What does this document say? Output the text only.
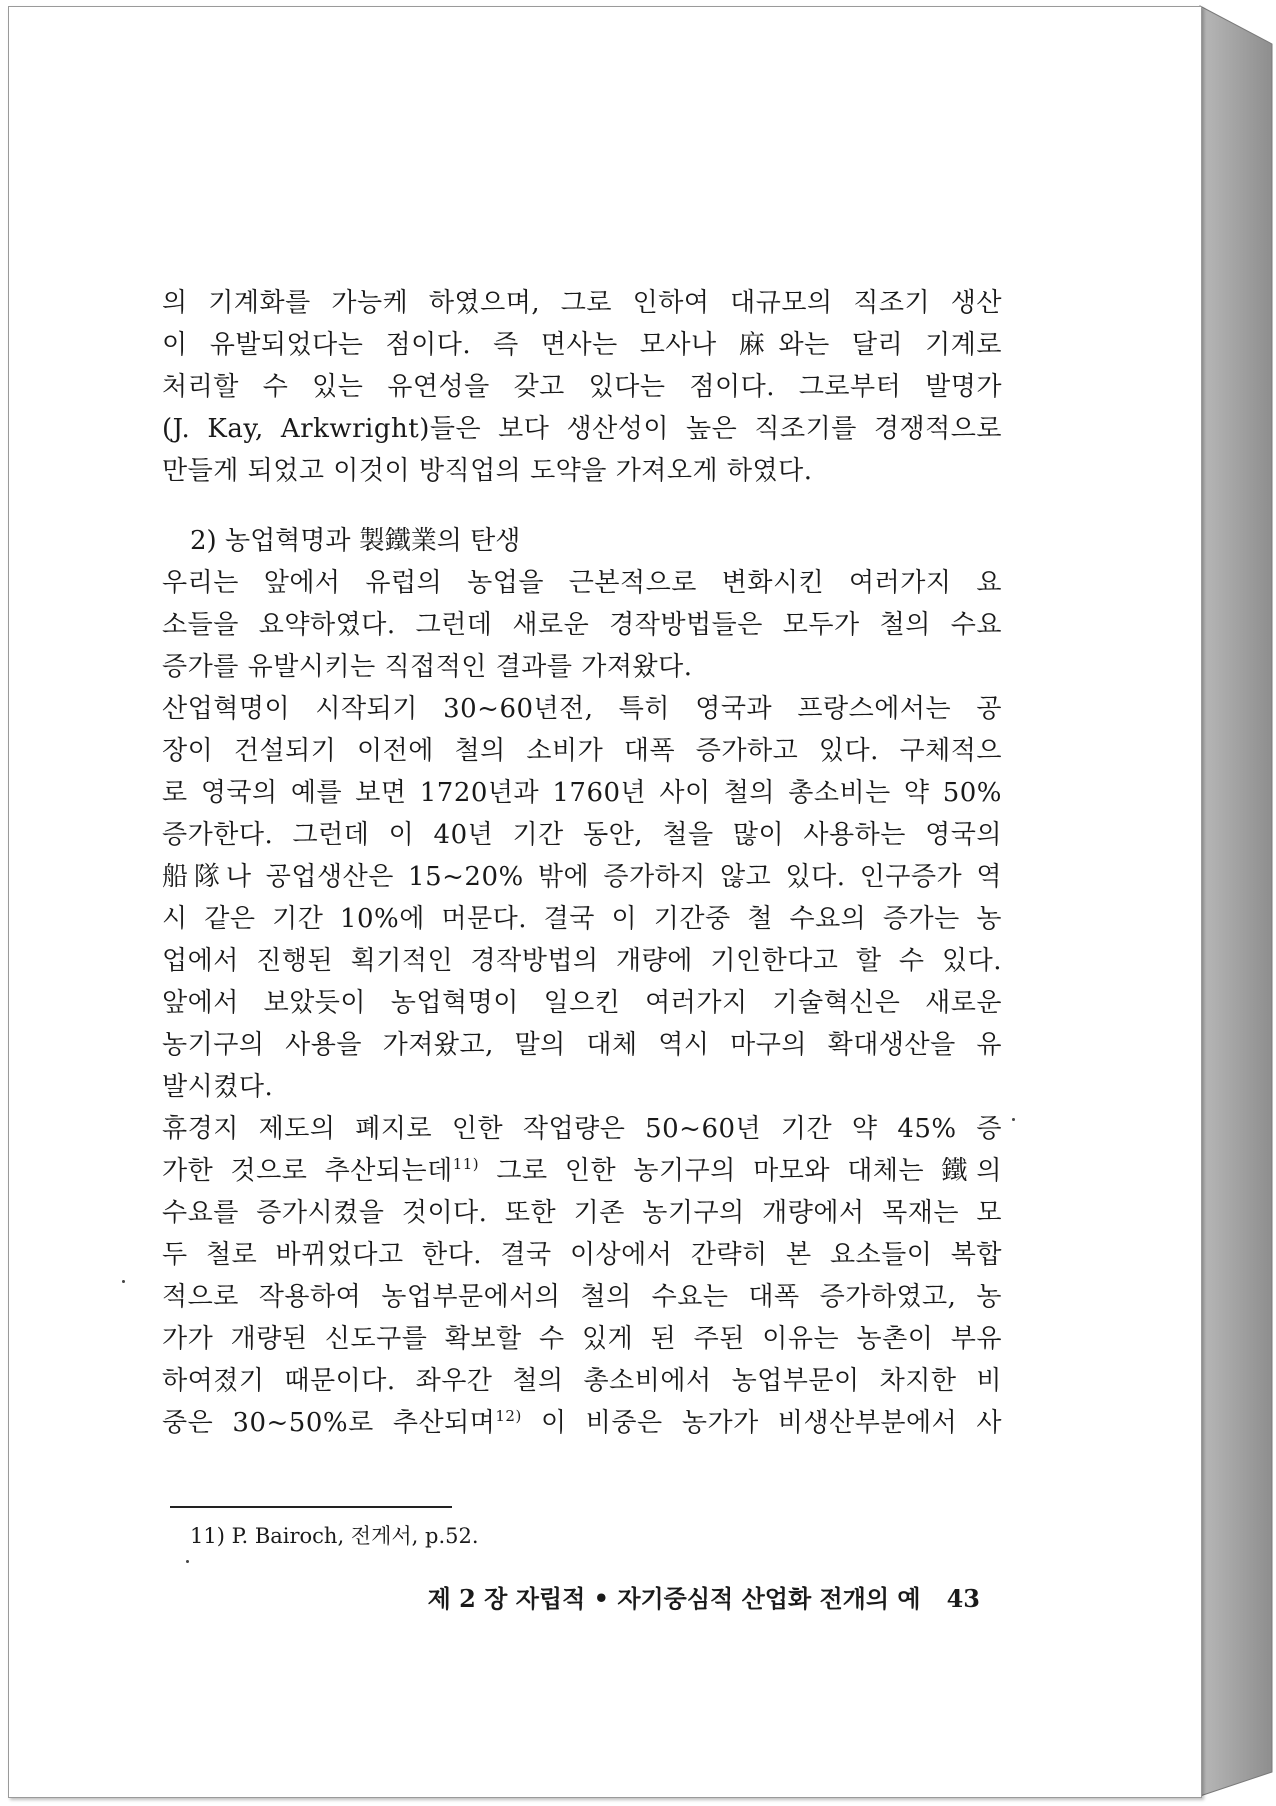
의 기계화를 가능케 하였으며, 그로 인하여 대규모의 직조기 생산
이 유발되었다는 점이다. 즉 면사는 모사나 麻와는 달리 기계로
처리할 수 있는 유연성을 갖고 있다는 점이다. 그로부터 발명가
(J. Kay, Arkwright)들은 보다 생산성이 높은 직조기를 경쟁적으로
만들게 되었고 이것이 방직업의 도약을 가져오게 하였다.
2) 농업혁명과 製鐵業의 탄생
우리는 앞에서 유럽의 농업을 근본적으로 변화시킨 여러가지 요
소들을 요약하였다. 그런데 새로운 경작방법들은 모두가 철의 수요
증가를 유발시키는 직접적인 결과를 가져왔다.
산업혁명이 시작되기 30~60년전, 특히 영국과 프랑스에서는 공
장이 건설되기 이전에 철의 소비가 대폭 증가하고 있다. 구체적으
로 영국의 예를 보면 1720년과 1760년 사이 철의 총소비는 약 50%
증가한다. 그런데 이 40년 기간 동안, 철을 많이 사용하는 영국의
船隊나 공업생산은 15~20% 밖에 증가하지 않고 있다. 인구증가 역
시 같은 기간 10%에 머문다. 결국 이 기간중 철 수요의 증가는 농
업에서 진행된 획기적인 경작방법의 개량에 기인한다고 할 수 있다.
앞에서 보았듯이 농업혁명이 일으킨 여러가지 기술혁신은 새로운
농기구의 사용을 가져왔고, 말의 대체 역시 마구의 확대생산을 유
발시켰다.
휴경지 제도의 폐지로 인한 작업량은 50~60년 기간 약 45% 증
가한 것으로 추산되는데$^{11)}$ 그로 인한 농기구의 마모와 대체는 鐵의
수요를 증가시켰을 것이다. 또한 기존 농기구의 개량에서 목재는 모
두 철로 바뀌었다고 한다. 결국 이상에서 간략히 본 요소들이 복합
적으로 작용하여 농업부문에서의 철의 수요는 대폭 증가하였고, 농
가가 개량된 신도구를 확보할 수 있게 된 주된 이유는 농촌이 부유
하여졌기 때문이다. 좌우간 철의 총소비에서 농업부문이 차지한 비
중은 30~50%로 추산되며$^{12)}$ 이 비중은 농가가 비생산부분에서 사
11) P. Bairoch, 전게서, p.52.
제 2 장 자립적 • 자기중심적 산업화 전개의 예 43
